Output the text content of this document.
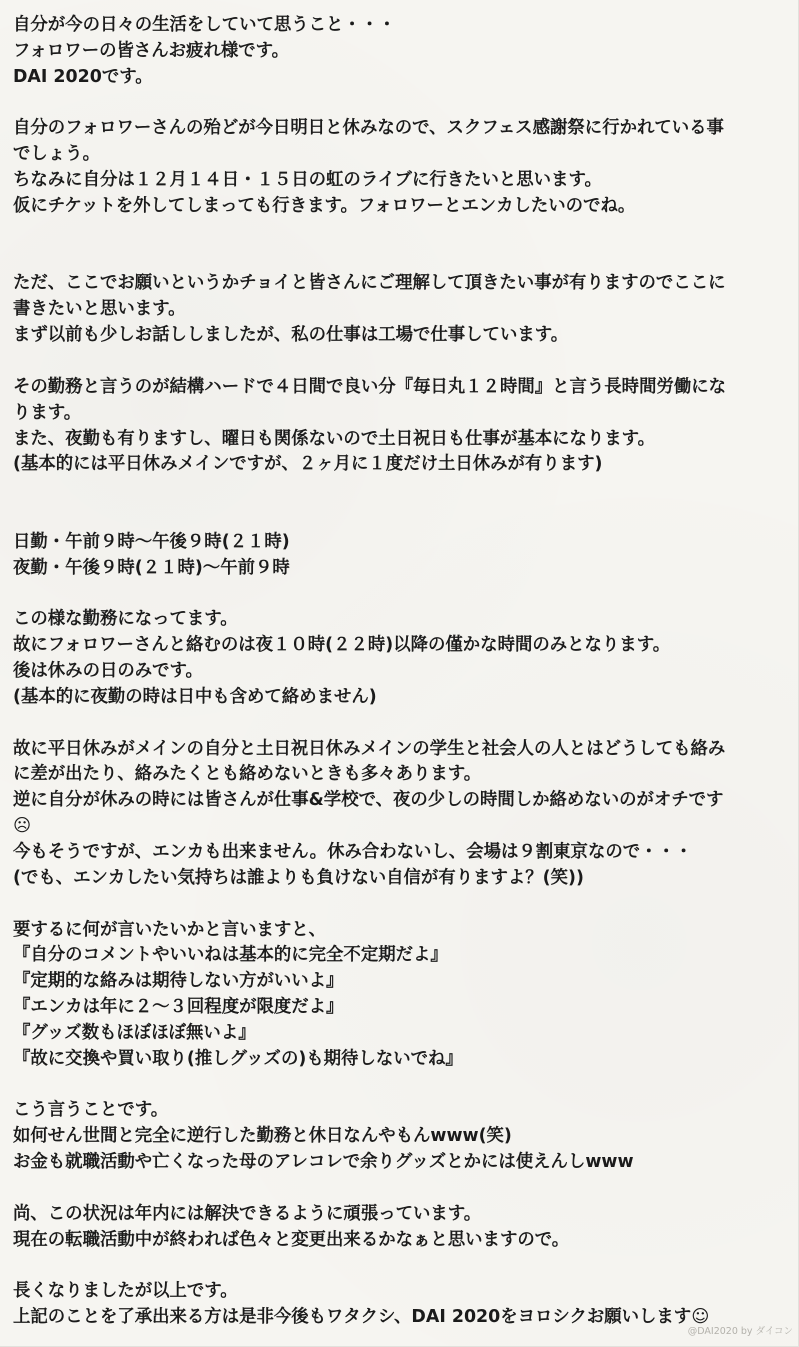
自分が今の日々の生活をしていて思うこと・・・
フォロワーの皆さんお疲れ様です。
DAI 2020です。
自分のフォロワーさんの殆どが今日明日と休みなので、スクフェス感謝祭に行かれている事
でしょう。
ちなみに自分は１２月１４日・１５日の虹のライブに行きたいと思います。
仮にチケットを外してしまっても行きます。フォロワーとエンカしたいのでね。
ただ、ここでお願いというかチョイと皆さんにご理解して頂きたい事が有りますのでここに
書きたいと思います。
まず以前も少しお話ししましたが、私の仕事は工場で仕事しています。
その勤務と言うのが結構ハードで４日間で良い分『毎日丸１２時間』と言う長時間労働にな
ります。
また、夜勤も有りますし、曜日も関係ないので土日祝日も仕事が基本になります。
(基本的には平日休みメインですが、２ヶ月に１度だけ土日休みが有ります)
日勤・午前９時〜午後９時(２１時)
夜勤・午後９時(２１時)〜午前９時
この様な勤務になってます。
故にフォロワーさんと絡むのは夜１０時(２２時)以降の僅かな時間のみとなります。
後は休みの日のみです。
(基本的に夜勤の時は日中も含めて絡めません)
故に平日休みがメインの自分と土日祝日休みメインの学生と社会人の人とはどうしても絡み
に差が出たり、絡みたくとも絡めないときも多々あります。
逆に自分が休みの時には皆さんが仕事&学校で、夜の少しの時間しか絡めないのがオチです
☹
今もそうですが、エンカも出来ません。休み合わないし、会場は９割東京なので・・・
(でも、エンカしたい気持ちは誰よりも負けない自信が有りますよ？(笑))
要するに何が言いたいかと言いますと、
『自分のコメントやいいねは基本的に完全不定期だよ』
『定期的な絡みは期待しない方がいいよ』
『エンカは年に２〜３回程度が限度だよ』
『グッズ数もほぼほぼ無いよ』
『故に交換や買い取り(推しグッズの)も期待しないでね』
こう言うことです。
如何せん世間と完全に逆行した勤務と休日なんやもんwww(笑)
お金も就職活動や亡くなった母のアレコレで余りグッズとかには使えんしwww
尚、この状況は年内には解決できるように頑張っています。
現在の転職活動中が終われば色々と変更出来るかなぁと思いますので。
長くなりましたが以上です。
上記のことを了承出来る方は是非今後もワタクシ、DAI 2020をヨロシクお願いします☺
@DAI2020 by ダイコン
